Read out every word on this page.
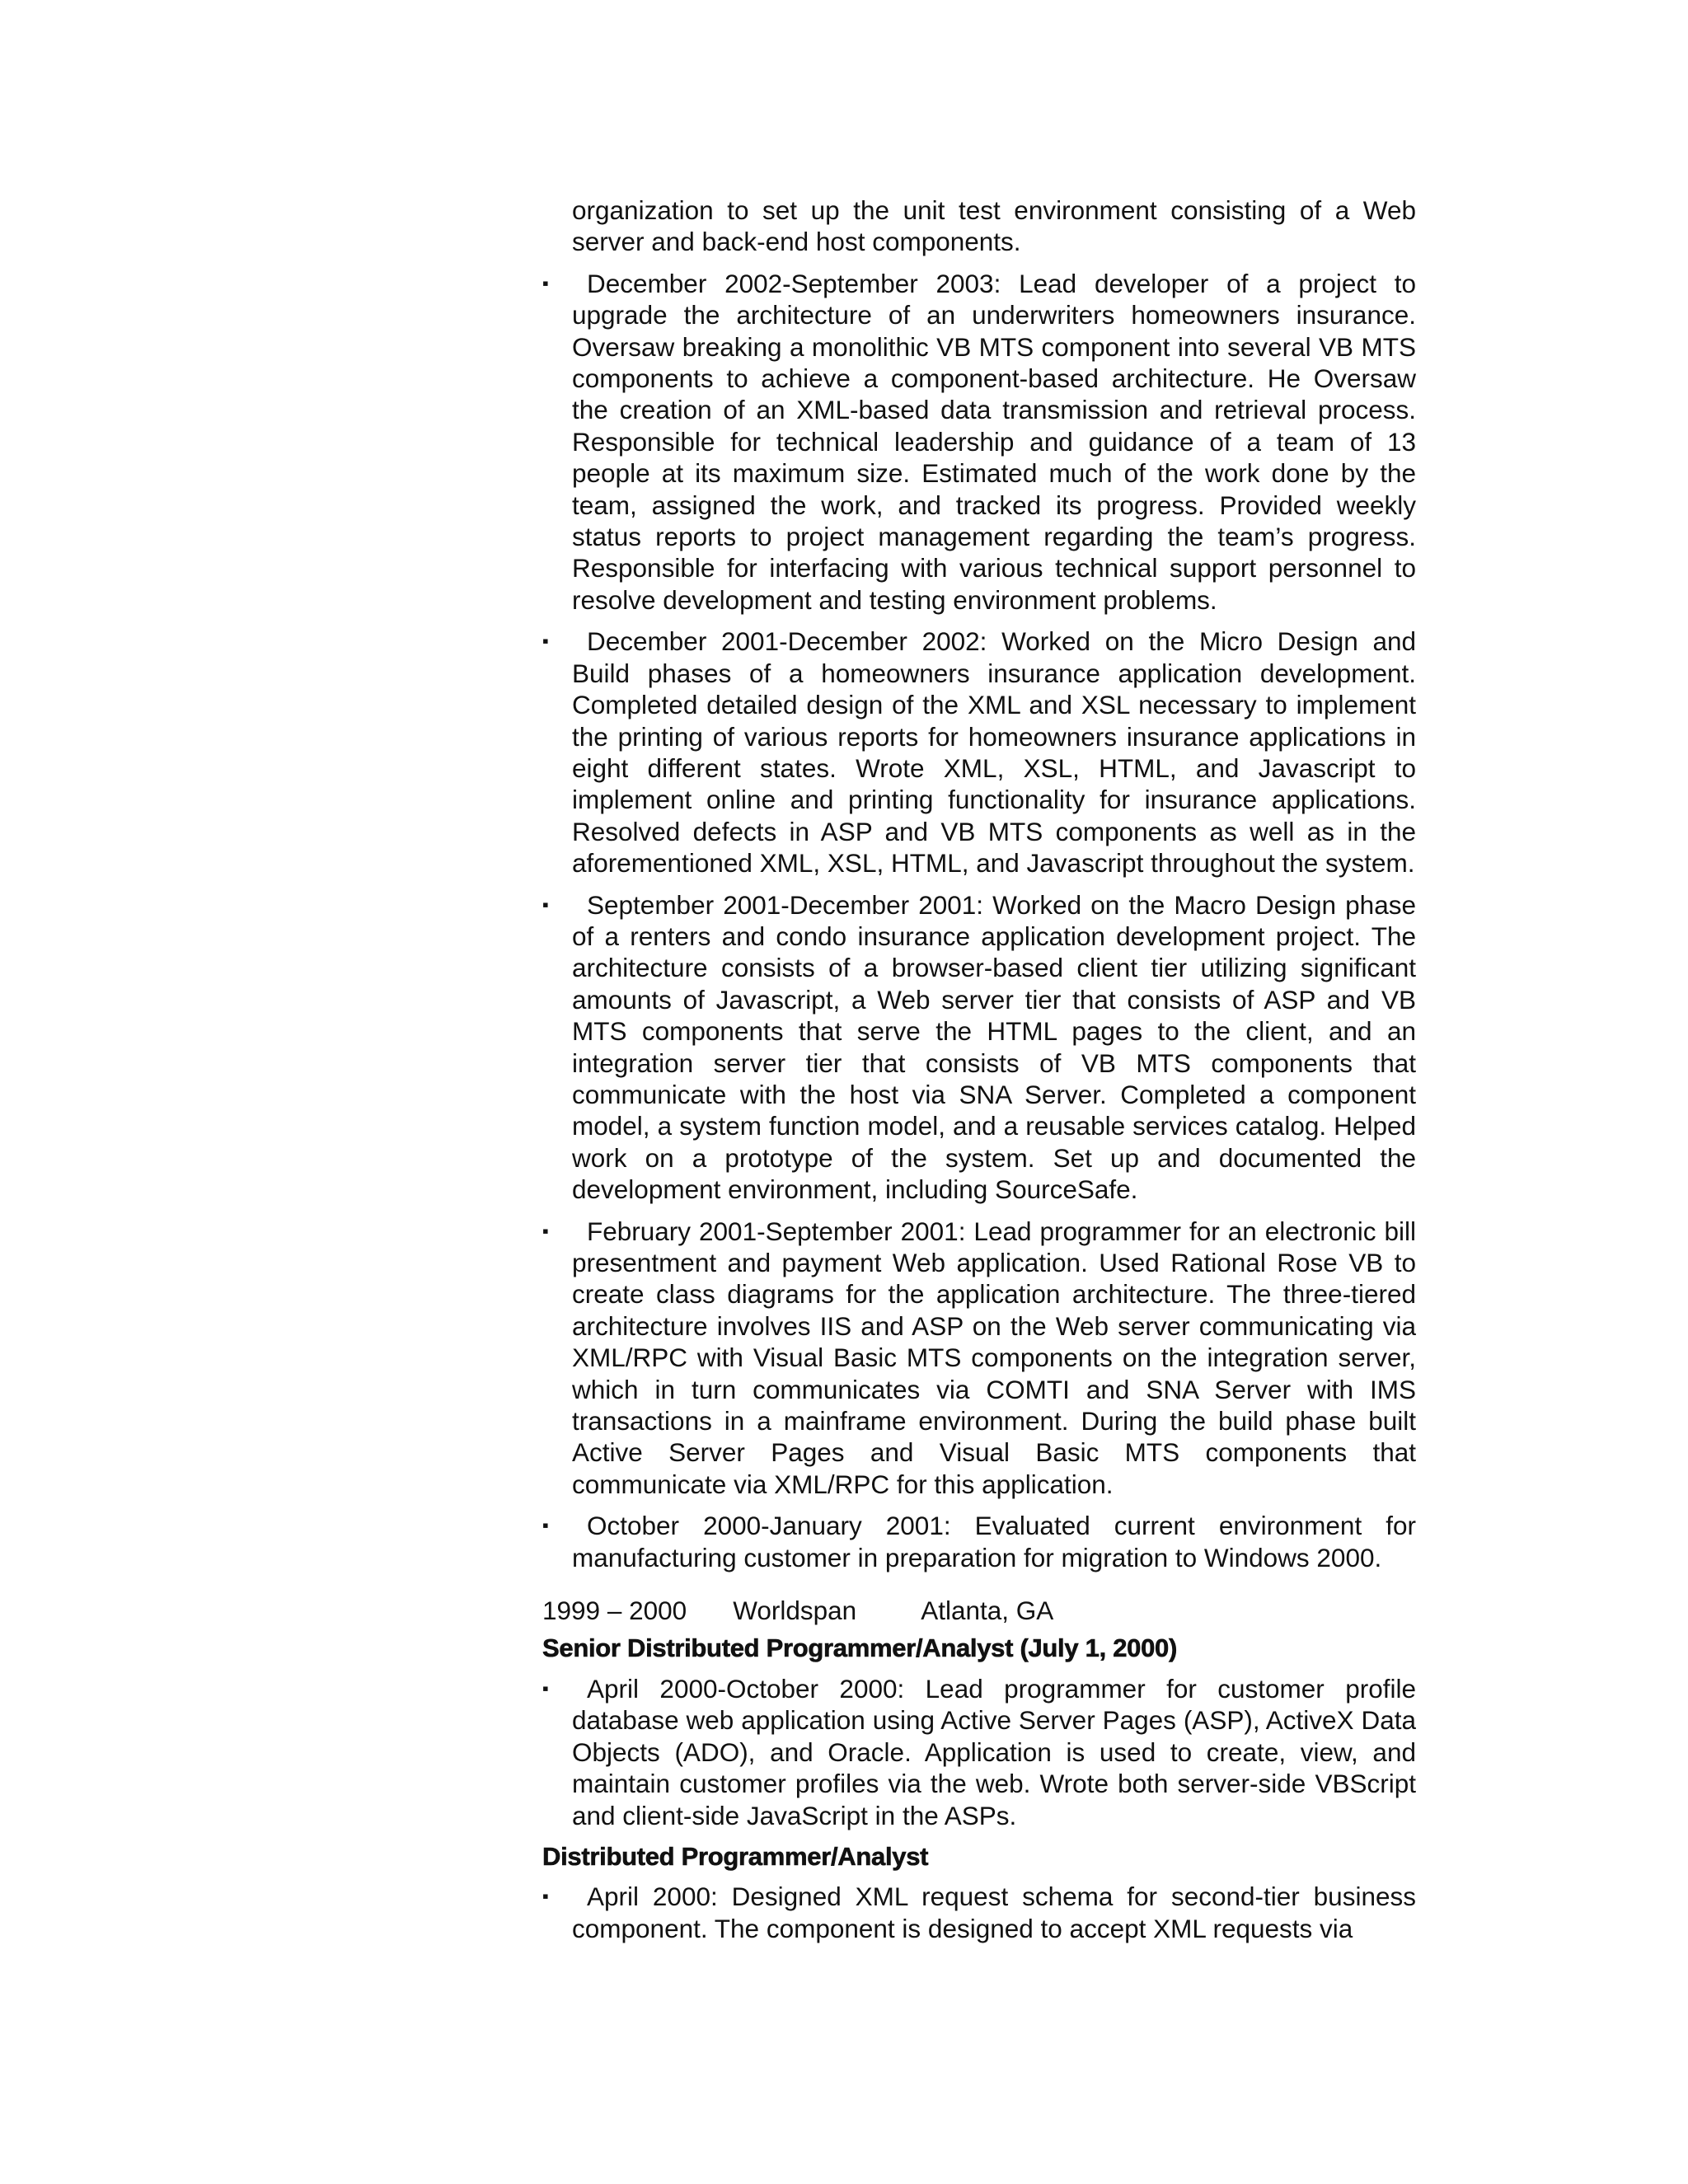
organization to set up the unit test environment consisting of a Web server and back-end host components.

▪	December 2002-September 2003: Lead developer of a project to upgrade the architecture of an underwriters homeowners insurance. Oversaw breaking a monolithic VB MTS component into several VB MTS components to achieve a component-based architecture. He Oversaw the creation of an XML-based data transmission and retrieval process. Responsible for technical leadership and guidance of a team of 13 people at its maximum size. Estimated much of the work done by the team, assigned the work, and tracked its progress. Provided weekly status reports to project management regarding the team’s progress. Responsible for interfacing with various technical support personnel to resolve development and testing environment problems.
▪	December 2001-December 2002: Worked on the Micro Design and Build phases of a homeowners insurance application development. Completed detailed design of the XML and XSL necessary to implement the printing of various reports for homeowners insurance applications in eight different states. Wrote XML, XSL, HTML, and Javascript to implement online and printing functionality for insurance applications. Resolved defects in ASP and VB MTS components as well as in the aforementioned XML, XSL, HTML, and Javascript throughout the system.
▪	September 2001-December 2001: Worked on the Macro Design phase of a renters and condo insurance application development project. The architecture consists of a browser-based client tier utilizing significant amounts of Javascript, a Web server tier that consists of ASP and VB MTS components that serve the HTML pages to the client, and an integration server tier that consists of VB MTS components that communicate with the host via SNA Server. Completed a component model, a system function model, and a reusable services catalog. Helped work on a prototype of the system. Set up and documented the development environment, including SourceSafe.
▪	February 2001-September 2001: Lead programmer for an electronic bill presentment and payment Web application. Used Rational Rose VB to create class diagrams for the application architecture. The three-tiered architecture involves IIS and ASP on the Web server communicating via XML/RPC with Visual Basic MTS components on the integration server, which in turn communicates via COMTI and SNA Server with IMS transactions in a mainframe environment. During the build phase built Active Server Pages and Visual Basic MTS components that communicate via XML/RPC for this application.
▪	October 2000-January 2001: Evaluated current environment for manufacturing customer in preparation for migration to Windows 2000.
1999 – 2000 Worldspan Atlanta, GA
Senior Distributed Programmer/Analyst (July 1, 2000)
▪	April 2000-October 2000: Lead programmer for customer profile database web application using Active Server Pages (ASP), ActiveX Data Objects (ADO), and Oracle. Application is used to create, view, and maintain customer profiles via the web. Wrote both server-side VBScript and client-side JavaScript in the ASPs.
Distributed Programmer/Analyst
▪	April 2000: Designed XML request schema for second-tier business component. The component is designed to accept XML requests via
